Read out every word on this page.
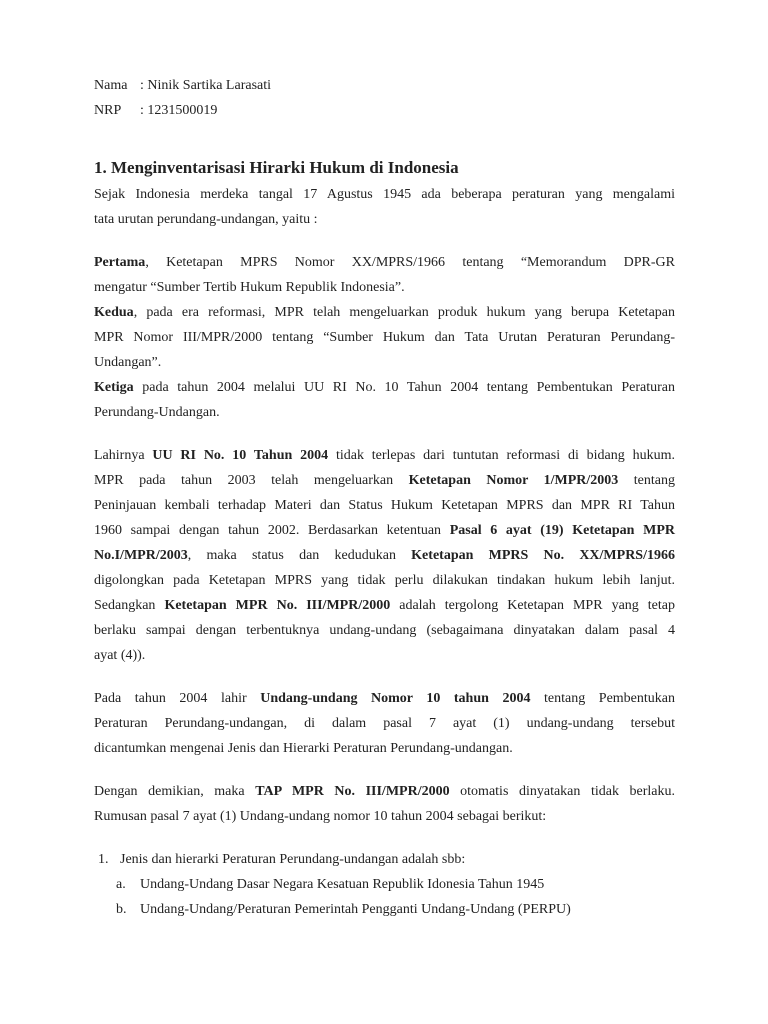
Nama : Ninik Sartika Larasati
NRP : 1231500019
1. Menginventarisasi Hirarki Hukum di Indonesia
Sejak Indonesia merdeka tangal 17 Agustus 1945 ada beberapa peraturan yang mengalami
tata urutan perundang-undangan, yaitu :
Pertama, Ketetapan MPRS Nomor XX/MPRS/1966 tentang “Memorandum DPR-GR
mengatur “Sumber Tertib Hukum Republik Indonesia”.
Kedua, pada era reformasi, MPR telah mengeluarkan produk hukum yang berupa Ketetapan
MPR Nomor III/MPR/2000 tentang “Sumber Hukum dan Tata Urutan Peraturan Perundang-
Undangan”.
Ketiga pada tahun 2004 melalui UU RI No. 10 Tahun 2004 tentang Pembentukan Peraturan
Perundang-Undangan.
Lahirnya UU RI No. 10 Tahun 2004 tidak terlepas dari tuntutan reformasi di bidang hukum.
MPR pada tahun 2003 telah mengeluarkan Ketetapan Nomor 1/MPR/2003 tentang
Peninjauan kembali terhadap Materi dan Status Hukum Ketetapan MPRS dan MPR RI Tahun
1960 sampai dengan tahun 2002. Berdasarkan ketentuan Pasal 6 ayat (19) Ketetapan MPR
No.I/MPR/2003, maka status dan kedudukan Ketetapan MPRS No. XX/MPRS/1966
digolongkan pada Ketetapan MPRS yang tidak perlu dilakukan tindakan hukum lebih lanjut.
Sedangkan Ketetapan MPR No. III/MPR/2000 adalah tergolong Ketetapan MPR yang tetap
berlaku sampai dengan terbentuknya undang-undang (sebagaimana dinyatakan dalam pasal 4
ayat (4)).
Pada tahun 2004 lahir Undang-undang Nomor 10 tahun 2004 tentang Pembentukan
Peraturan Perundang-undangan, di dalam pasal 7 ayat (1) undang-undang tersebut
dicantumkan mengenai Jenis dan Hierarki Peraturan Perundang-undangan.
Dengan demikian, maka TAP MPR No. III/MPR/2000 otomatis dinyatakan tidak berlaku.
Rumusan pasal 7 ayat (1) Undang-undang nomor 10 tahun 2004 sebagai berikut:
1. Jenis dan hierarki Peraturan Perundang-undangan adalah sbb:
a. Undang-Undang Dasar Negara Kesatuan Republik Idonesia Tahun 1945
b. Undang-Undang/Peraturan Pemerintah Pengganti Undang-Undang (PERPU)
